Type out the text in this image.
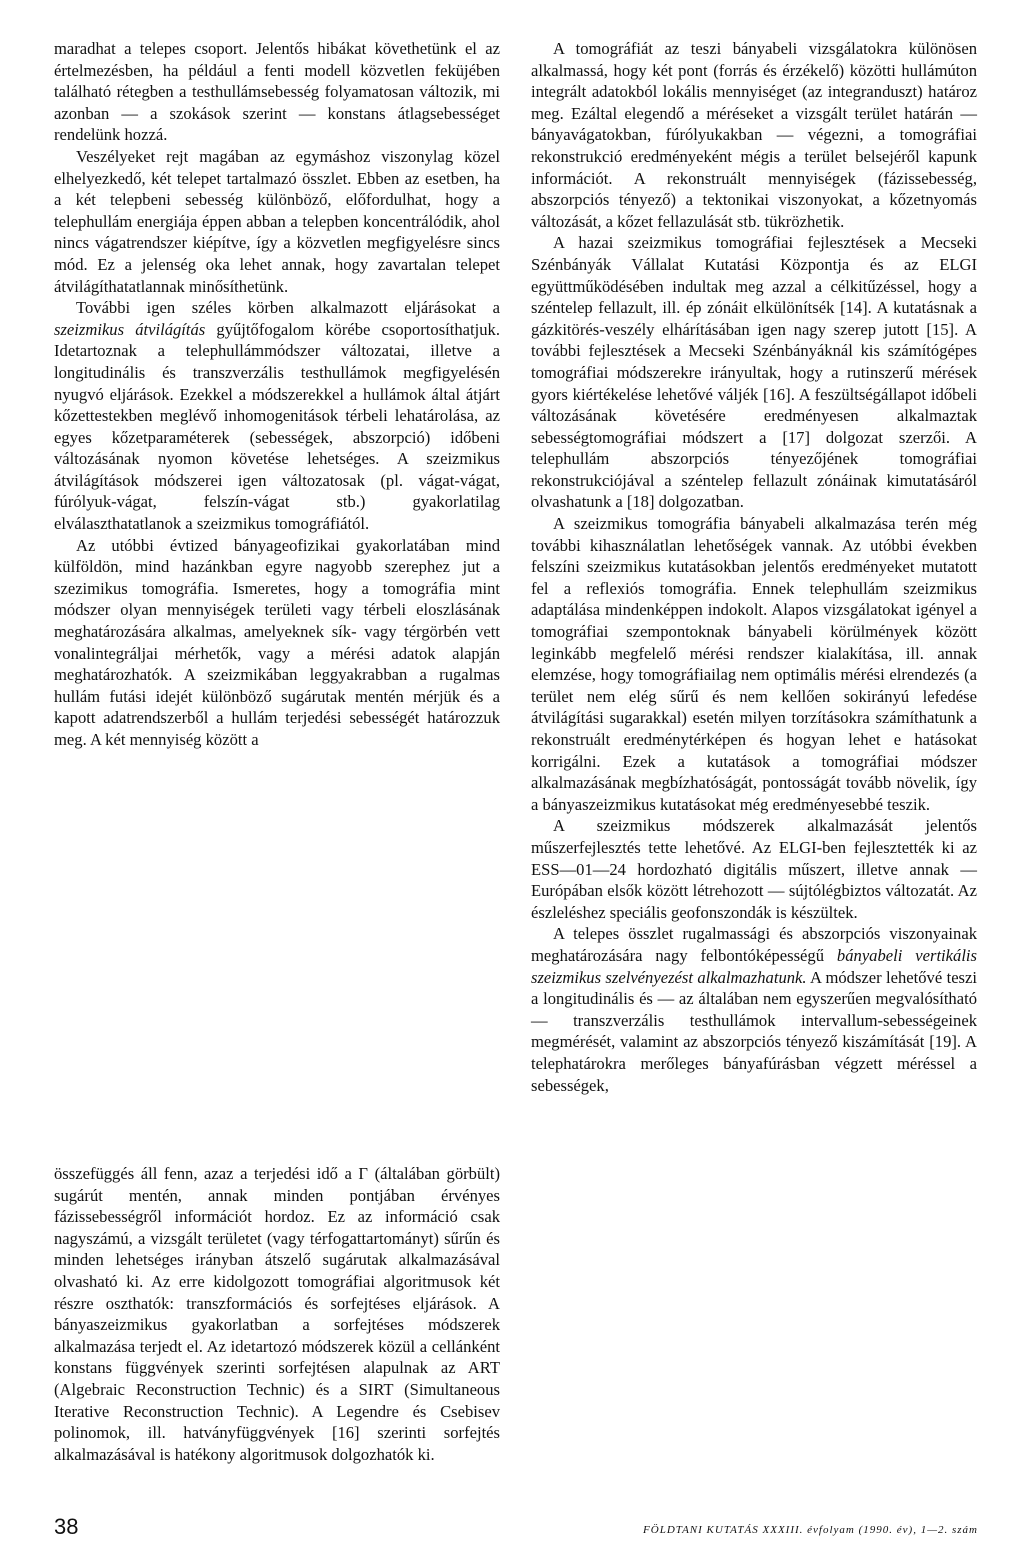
maradhat a telepes csoport. Jelentős hibákat követhetünk el az értelmezésben, ha például a fenti modell közvetlen feküjében található rétegben a testhullámsebesség folyamatosan változik, mi azonban — a szokások szerint — konstans átlagsebességet rendelünk hozzá.

Veszélyeket rejt magában az egymáshoz viszonylag közel elhelyezkedő, két telepet tartalmazó összlet. Ebben az esetben, ha a két telepbeni sebesség különböző, előfordulhat, hogy a telephullám energiája éppen abban a telepben koncentrálódik, ahol nincs vágatrendszer kiépítve, így a közvetlen megfigyelésre sincs mód. Ez a jelenség oka lehet annak, hogy zavartalan telepet átvilágíthatatlannak minősíthetünk.

További igen széles körben alkalmazott eljárásokat a szeizmikus átvilágítás gyűjtőfogalom körébe csoportosíthatjuk. Idetartoznak a telephullámmódszer változatai, illetve a longitudinális és transzverzális testhullámok megfigyelésén nyugvó eljárások. Ezekkel a módszerekkel a hullámok által átjárt kőzettestekben meglévő inhomogenitások térbeli lehatárolása, az egyes kőzetparaméterek (sebességek, abszorpció) időbeni változásának nyomon követése lehetséges. A szeizmikus átvilágítások módszerei igen változatosak (pl. vágat-vágat, fúrólyuk-vágat, felszín-vágat stb.) gyakorlatilag elválaszthatatlanok a szeizmikus tomográfiától.

Az utóbbi évtized bányageofizikai gyakorlatában mind külföldön, mind hazánkban egyre nagyobb szerephez jut a szezimikus tomográfia. Ismeretes, hogy a tomográfia mint módszer olyan mennyiségek területi vagy térbeli eloszlásának meghatározására alkalmas, amelyeknek sík- vagy térgörbén vett vonalintegráljai mérhetők, vagy a mérési adatok alapján meghatározhatók. A szeizmikában leggyakrabban a rugalmas hullám futási idejét különböző sugárutak mentén mérjük és a kapott adatrendszerből a hullám terjedési sebességét határozzuk meg. A két mennyiség között a

összefüggés áll fenn, azaz a terjedési idő a Γ (általában görbült) sugárút mentén, annak minden pontjában érvényes fázissebességről információt hordoz. Ez az információ csak nagyszámú, a vizsgált területet (vagy térfogattartományt) sűrűn és minden lehetséges irányban átszelő sugárutak alkalmazásával olvasható ki. Az erre kidolgozott tomográfiai algoritmusok két részre oszthatók: transzformációs és sorfejtéses eljárások. A bányaszeizmikus gyakorlatban a sorfejtéses módszerek alkalmazása terjedt el. Az idetartozó módszerek közül a cellánként konstans függvények szerinti sorfejtésen alapulnak az ART (Algebraic Reconstruction Technic) és a SIRT (Simultaneous Iterative Reconstruction Technic). A Legendre és Csebisev polinomok, ill. hatványfüggvények [16] szerinti sorfejtés alkalmazásával is hatékony algoritmusok dolgozhatók ki.

A tomográfiát az teszi bányabeli vizsgálatokra különösen alkalmassá, hogy két pont (forrás és érzékelő) közötti hullámúton integrált adatokból lokális mennyiséget (az integranduszt) határoz meg. Ezáltal elegendő a méréseket a vizsgált terület határán — bányavágatokban, fúrólyukakban — végezni, a tomográfiai rekonstrukció eredményeként mégis a terület belsejéről kapunk információt. A rekonstruált mennyiségek (fázissebesség, abszorpciós tényező) a tektonikai viszonyokat, a kőzetnyomás változását, a kőzet fellazulását stb. tükrözhetik.

A hazai szeizmikus tomográfiai fejlesztések a Mecseki Szénbányák Vállalat Kutatási Központja és az ELGI együttműködésében indultak meg azzal a célkitűzéssel, hogy a széntelep fellazult, ill. ép zónáit elkülönítsék [14]. A kutatásnak a gázkitörés-veszély elhárításában igen nagy szerep jutott [15]. A további fejlesztések a Mecseki Szénbányáknál kis számítógépes tomográfiai módszerekre irányultak, hogy a rutinszerű mérések gyors kiértékelése lehetővé váljék [16]. A feszültségállapot időbeli változásának követésére eredményesen alkalmaztak sebességtomográfiai módszert a [17] dolgozat szerzői. A telephullám abszorpciós tényezőjének tomográfiai rekonstrukciójával a széntelep fellazult zónáinak kimutatásáról olvashatunk a [18] dolgozatban.

A szeizmikus tomográfia bányabeli alkalmazása terén még további kihasználatlan lehetőségek vannak. Az utóbbi években felszíni szeizmikus kutatásokban jelentős eredményeket mutatott fel a reflexiós tomográfia. Ennek telephullám szeizmikus adaptálása mindenképpen indokolt. Alapos vizsgálatokat igényel a tomográfiai szempontoknak bányabeli körülmények között leginkább megfelelő mérési rendszer kialakítása, ill. annak elemzése, hogy tomográfiailag nem optimális mérési elrendezés (a terület nem elég sűrű és nem kellően sokirányú lefedése átvilágítási sugarakkal) esetén milyen torzításokra számíthatunk a rekonstruált eredménytérképen és hogyan lehet e hatásokat korrigálni. Ezek a kutatások a tomográfiai módszer alkalmazásának megbízhatóságát, pontosságát tovább növelik, így a bányaszeizmikus kutatásokat még eredményesebbé teszik.

A szeizmikus módszerek alkalmazását jelentős műszerfejlesztés tette lehetővé. Az ELGI-ben fejlesztették ki az ESS—01—24 hordozható digitális műszert, illetve annak — Európában elsők között létrehozott — sújtólégbiztos változatát. Az észleléshez speciális geofonszondák is készültek.

A telepes összlet rugalmassági és abszorpciós viszonyainak meghatározására nagy felbontóképességű bányabeli vertikális szeizmikus szelvényezést alkalmazhatunk. A módszer lehetővé teszi a longitudinális és — az általában nem egyszerűen megvalósítható — transzverzális testhullámok intervallum-sebességeinek megmérését, valamint az abszorpciós tényező kiszámítását [19]. A telephatárokra merőleges bányafúrásban végzett méréssel a sebességek,

38	FÖLDTANI KUTATÁS XXXIII. évfolyam (1990. év), 1—2. szám
